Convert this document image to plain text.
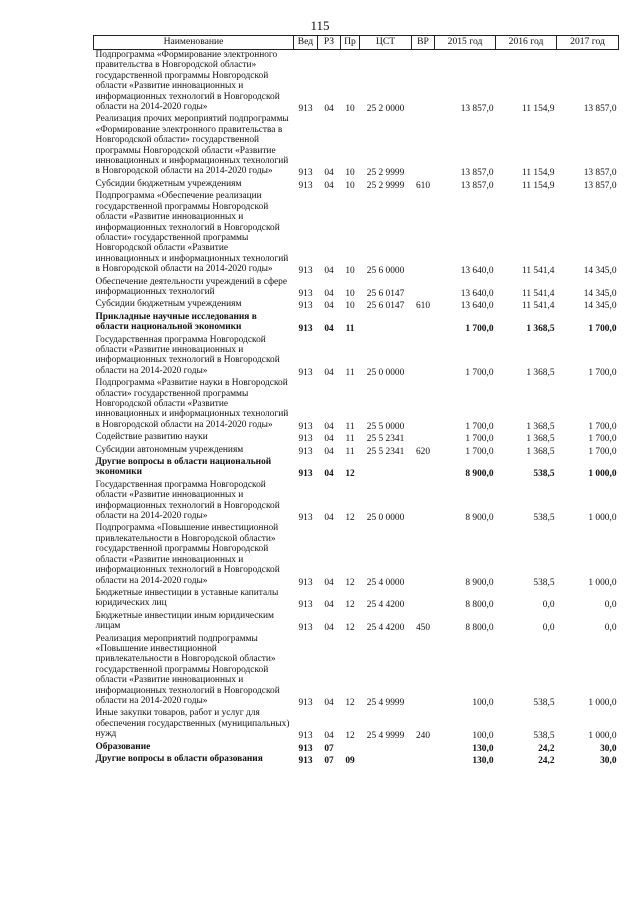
115
Наименование	Вед	РЗ	Пр	ЦСТ	ВР	2015 год	2016 год	2017 год
Подпрограмма «Формирование электронного правительства в Новгородской области» государственной программы Новгородской области «Развитие инновационных и информационных технологий в Новгородской области на 2014-2020 годы»	913	04	10	25 2 0000		13 857,0	11 154,9	13 857,0
Реализация прочих мероприятий подпрограммы «Формирование электронного правительства в Новгородской области» государственной программы Новгородской области «Развитие инновационных и информационных технологий в Новгородской области на 2014-2020 годы»	913	04	10	25 2 9999		13 857,0	11 154,9	13 857,0
Субсидии бюджетным учреждениям	913	04	10	25 2 9999	610	13 857,0	11 154,9	13 857,0
Подпрограмма «Обеспечение реализации государственной программы Новгородской области «Развитие инновационных и информационных технологий в Новгородской области» государственной программы Новгородской области «Развитие инновационных и информационных технологий в Новгородской области на 2014-2020 годы»	913	04	10	25 6 0000		13 640,0	11 541,4	14 345,0
Обеспечение деятельности учреждений в сфере информационных технологий	913	04	10	25 6 0147		13 640,0	11 541,4	14 345,0
Субсидии бюджетным учреждениям	913	04	10	25 6 0147	610	13 640,0	11 541,4	14 345,0
Прикладные научные исследования в области национальной экономики	913	04	11			1 700,0	1 368,5	1 700,0
Государственная программа Новгородской области «Развитие инновационных и информационных технологий в Новгородской области на 2014-2020 годы»	913	04	11	25 0 0000		1 700,0	1 368,5	1 700,0
Подпрограмма «Развитие науки в Новгородской области» государственной программы Новгородской области «Развитие инновационных и информационных технологий в Новгородской области на 2014-2020 годы»	913	04	11	25 5 0000		1 700,0	1 368,5	1 700,0
Содействие развитию науки	913	04	11	25 5 2341		1 700,0	1 368,5	1 700,0
Субсидии автономным учреждениям	913	04	11	25 5 2341	620	1 700,0	1 368,5	1 700,0
Другие вопросы в области национальной экономики	913	04	12			8 900,0	538,5	1 000,0
Государственная программа Новгородской области «Развитие инновационных и информационных технологий в Новгородской области на 2014-2020 годы»	913	04	12	25 0 0000		8 900,0	538,5	1 000,0
Подпрограмма «Повышение инвестиционной привлекательности в Новгородской области» государственной программы Новгородской области «Развитие инновационных и информационных технологий в Новгородской области на 2014-2020 годы»	913	04	12	25 4 0000		8 900,0	538,5	1 000,0
Бюджетные инвестиции в уставные капиталы юридических лиц	913	04	12	25 4 4200		8 800,0	0,0	0,0
Бюджетные инвестиции иным юридическим лицам	913	04	12	25 4 4200	450	8 800,0	0,0	0,0
Реализация мероприятий подпрограммы «Повышение инвестиционной привлекательности в Новгородской области» государственной программы Новгородской области «Развитие инновационных и информационных технологий в Новгородской области на 2014-2020 годы»	913	04	12	25 4 9999		100,0	538,5	1 000,0
Иные закупки товаров, работ и услуг для обеспечения государственных (муниципальных) нужд	913	04	12	25 4 9999	240	100,0	538,5	1 000,0
Образование	913	07				130,0	24,2	30,0
Другие вопросы в области образования	913	07	09			130,0	24,2	30,0
